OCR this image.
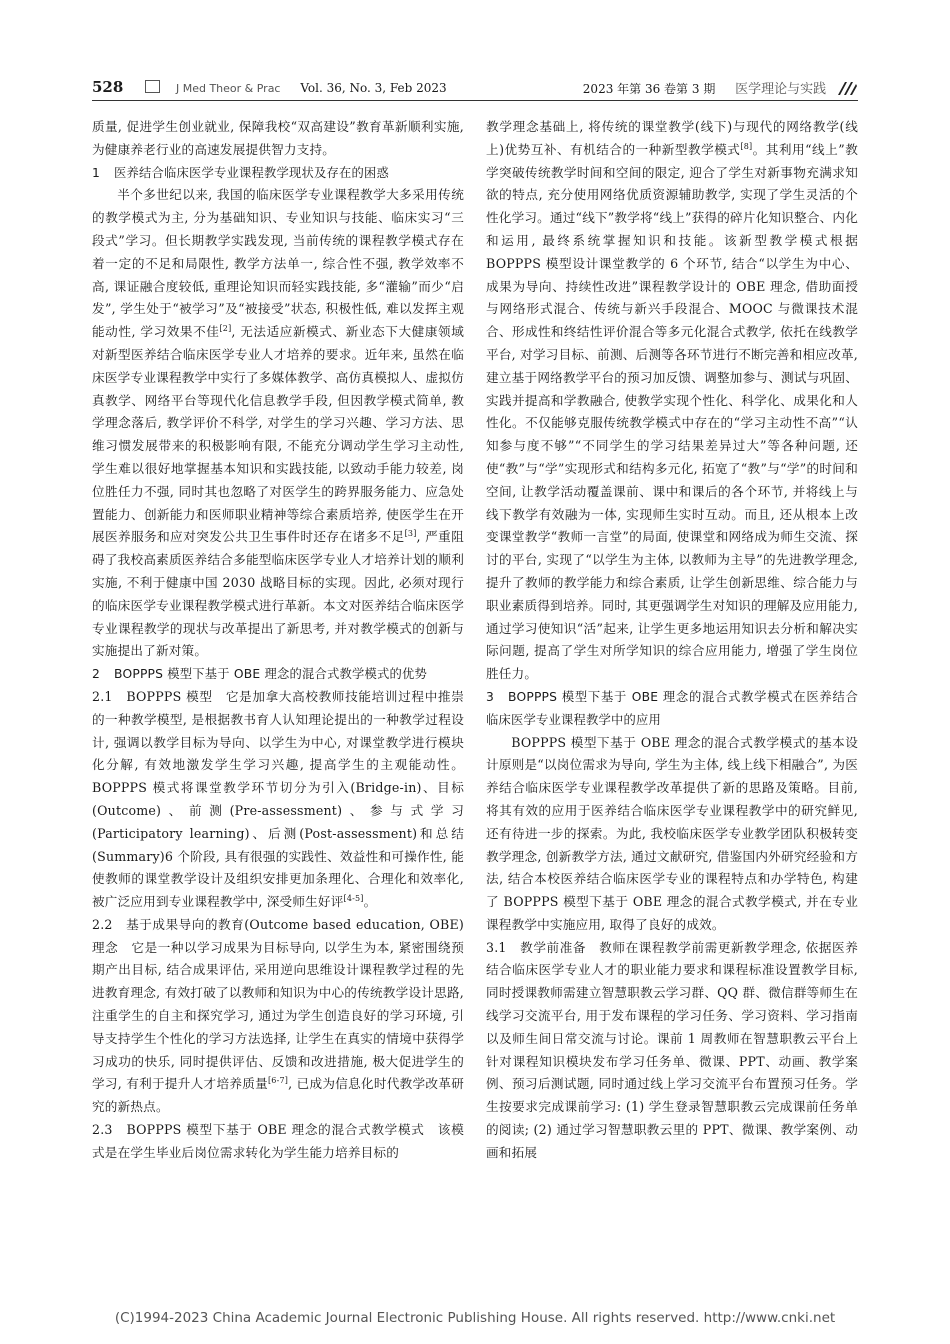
528	J Med Theor & Prac Vol. 36, No. 3, Feb 2023	2023 年第 36 卷第 3 期 医学理论与实践

质量, 促进学生创业就业, 保障我校“双高建设”教育革新顺利实施, 为健康养老行业的高速发展提供智力支持。

1 医养结合临床医学专业课程教学现状及存在的困惑

半个多世纪以来, 我国的临床医学专业课程教学大多采用传统的教学模式为主, 分为基础知识、专业知识与技能、临床实习“三段式”学习。但长期教学实践发现, 当前传统的课程教学模式存在着一定的不足和局限性, 教学方法单一, 综合性不强, 教学效率不高, 课证融合度较低, 重理论知识而轻实践技能, 多“灌输”而少“启发”, 学生处于“被学习”及“被接受”状态, 积极性低, 难以发挥主观能动性, 学习效果不佳[2], 无法适应新模式、新业态下大健康领域对新型医养结合临床医学专业人才培养的要求。近年来, 虽然在临床医学专业课程教学中实行了多媒体教学、高仿真模拟人、虚拟仿真教学、网络平台等现代化信息教学手段, 但因教学模式简单, 教学理念落后, 教学评价不科学, 对学生的学习兴趣、学习方法、思维习惯发展带来的积极影响有限, 不能充分调动学生学习主动性, 学生难以很好地掌握基本知识和实践技能, 以致动手能力较差, 岗位胜任力不强, 同时其也忽略了对医学生的跨界服务能力、应急处置能力、创新能力和医师职业精神等综合素质培养, 使医学生在开展医养服务和应对突发公共卫生事件时还存在诸多不足[3], 严重阻碍了我校高素质医养结合多能型临床医学专业人才培养计划的顺利实施, 不利于健康中国 2030 战略目标的实现。因此, 必须对现行的临床医学专业课程教学模式进行革新。本文对医养结合临床医学专业课程教学的现状与改革提出了新思考, 并对教学模式的创新与实施提出了新对策。

2 BOPPPS 模型下基于 OBE 理念的混合式教学模式的优势

2.1　BOPPPS 模型　它是加拿大高校教师技能培训过程中推崇的一种教学模型, 是根据教书育人认知理论提出的一种教学过程设计, 强调以教学目标为导向、以学生为中心, 对课堂教学进行模块化分解, 有效地激发学生学习兴趣, 提高学生的主观能动性。BOPPPS 模式将课堂教学环节切分为引入(Bridge-in)、目标(Outcome)、前测(Pre-assessment)、参与式学习(Participatory learning)、后测(Post-assessment)和总结(Summary)6 个阶段, 具有很强的实践性、效益性和可操作性, 能使教师的课堂教学设计及组织安排更加条理化、合理化和效率化, 被广泛应用到专业课程教学中, 深受师生好评[4-5]。

2.2　基于成果导向的教育(Outcome based education, OBE)理念　它是一种以学习成果为目标导向, 以学生为本, 紧密围绕预期产出目标, 结合成果评估, 采用逆向思维设计课程教学过程的先进教育理念, 有效打破了以教师和知识为中心的传统教学设计思路, 注重学生的自主和探究学习, 通过为学生创造良好的学习环境, 引导支持学生个性化的学习方法选择, 让学生在真实的情境中获得学习成功的快乐, 同时提供评估、反馈和改进措施, 极大促进学生的学习, 有利于提升人才培养质量[6-7], 已成为信息化时代教学改革研究的新热点。

2.3　BOPPPS 模型下基于 OBE 理念的混合式教学模式　该模式是在学生毕业后岗位需求转化为学生能力培养目标的

教学理念基础上, 将传统的课堂教学(线下)与现代的网络教学(线上)优势互补、有机结合的一种新型教学模式[8]。其利用“线上”教学突破传统教学时间和空间的限定, 迎合了学生对新事物充满求知欲的特点, 充分使用网络优质资源辅助教学, 实现了学生灵活的个性化学习。通过“线下”教学将“线上”获得的碎片化知识整合、内化和运用, 最终系统掌握知识和技能。该新型教学模式根据 BOPPPS 模型设计课堂教学的 6 个环节, 结合“以学生为中心、成果为导向、持续性改进”课程教学设计的 OBE 理念, 借助面授与网络形式混合、传统与新兴手段混合、MOOC 与微课技术混合、形成性和终结性评价混合等多元化混合式教学, 依托在线教学平台, 对学习目标、前测、后测等各环节进行不断完善和相应改革, 建立基于网络教学平台的预习加反馈、调整加参与、测试与巩固、实践并提高和学教融合, 使教学实现个性化、科学化、成果化和人性化。不仅能够克服传统教学模式中存在的“学习主动性不高”“认知参与度不够”“不同学生的学习结果差异过大”等各种问题, 还使“教”与“学”实现形式和结构多元化, 拓宽了“教”与“学”的时间和空间, 让教学活动覆盖课前、课中和课后的各个环节, 并将线上与线下教学有效融为一体, 实现师生实时互动。而且, 还从根本上改变课堂教学“教师一言堂”的局面, 使课堂和网络成为师生交流、探讨的平台, 实现了“以学生为主体, 以教师为主导”的先进教学理念, 提升了教师的教学能力和综合素质, 让学生创新思维、综合能力与职业素质得到培养。同时, 其更强调学生对知识的理解及应用能力, 通过学习使知识“活”起来, 让学生更多地运用知识去分析和解决实际问题, 提高了学生对所学知识的综合应用能力, 增强了学生岗位胜任力。

3 BOPPPS 模型下基于 OBE 理念的混合式教学模式在医养结合临床医学专业课程教学中的应用

BOPPPS 模型下基于 OBE 理念的混合式教学模式的基本设计原则是“以岗位需求为导向, 学生为主体, 线上线下相融合”, 为医养结合临床医学专业课程教学改革提供了新的思路及策略。目前, 将其有效的应用于医养结合临床医学专业课程教学中的研究鲜见, 还有待进一步的探索。为此, 我校临床医学专业教学团队积极转变教学理念, 创新教学方法, 通过文献研究, 借鉴国内外研究经验和方法, 结合本校医养结合临床医学专业的课程特点和办学特色, 构建了 BOPPPS 模型下基于 OBE 理念的混合式教学模式, 并在专业课程教学中实施应用, 取得了良好的成效。

3.1　教学前准备　教师在课程教学前需更新教学理念, 依据医养结合临床医学专业人才的职业能力要求和课程标准设置教学目标, 同时授课教师需建立智慧职教云学习群、QQ 群、微信群等师生在线学习交流平台, 用于发布课程的学习任务、学习资料、学习指南以及师生间日常交流与讨论。课前 1 周教师在智慧职教云平台上针对课程知识模块发布学习任务单、微课、PPT、动画、教学案例、预习后测试题, 同时通过线上学习交流平台布置预习任务。学生按要求完成课前学习: (1) 学生登录智慧职教云完成课前任务单的阅读; (2) 通过学习智慧职教云里的 PPT、微课、教学案例、动画和拓展

(C)1994-2023 China Academic Journal Electronic Publishing House. All rights reserved. http://www.cnki.net
